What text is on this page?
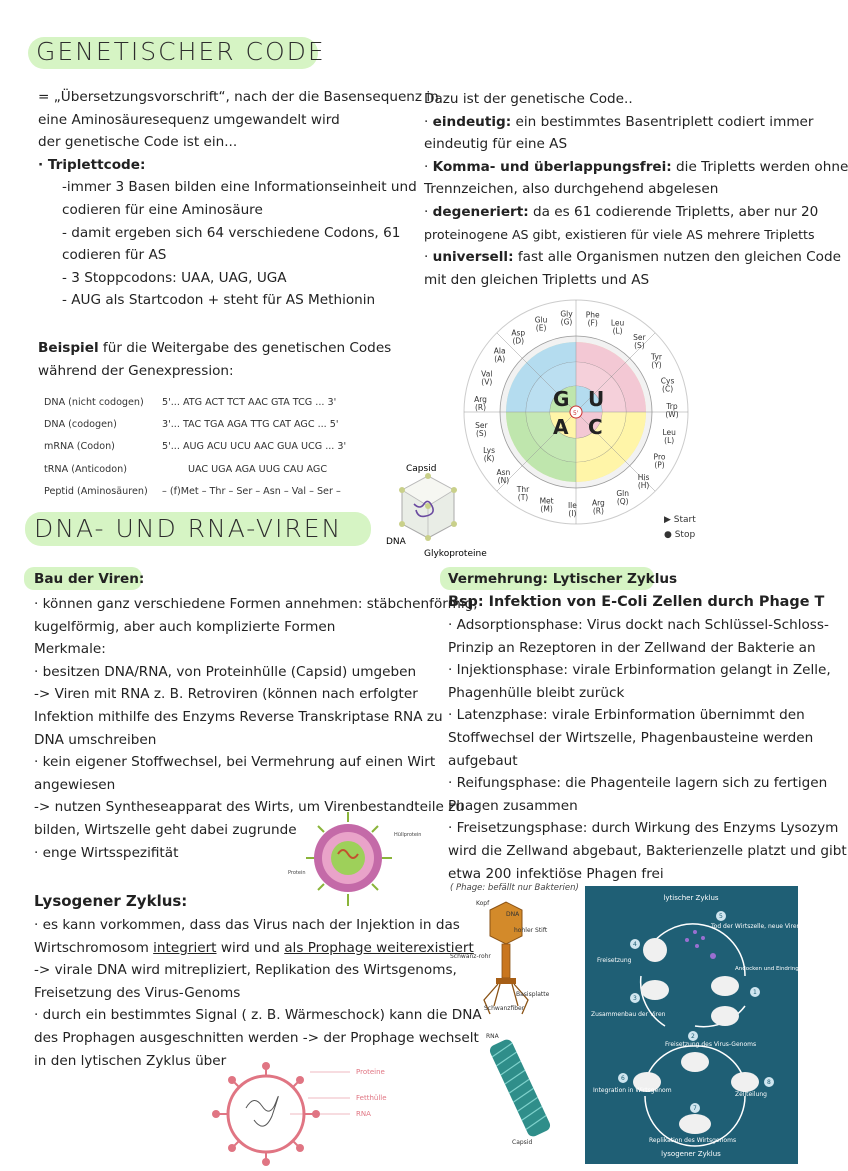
GENETISCHER CODE

= „Übersetzungsvorschrift“, nach der die Basensequenz in

eine Aminosäuresequenz umgewandelt wird

der genetische Code ist ein...

· Triplettcode:

-immer 3 Basen bilden eine Informationseinheit und

codieren für eine Aminosäure

- damit ergeben sich 64 verschiedene Codons, 61

codieren für AS

- 3 Stoppcodons: UAA, UAG, UGA

- AUG als Startcodon + steht für AS Methionin

Dazu ist der genetische Code..

· eindeutig: ein bestimmtes Basentriplett codiert immer

eindeutig für eine AS

· Komma- und überlappungsfrei: die Tripletts werden ohne

Trennzeichen, also durchgehend abgelesen

· degeneriert: da es 61 codierende Tripletts, aber nur 20

proteinogene AS gibt, existieren für viele AS mehrere Tripletts

· universell: fast alle Organismen nutzen den gleichen Code

mit den gleichen Tripletts und AS

Beispiel für die Weitergabe des genetischen Codes

während der Genexpression:

DNA (nicht codogen)	5'... ATG ACT TCT AAC GTA TCG ... 3'
DNA (codogen)	3'... TAC TGA AGA TTG CAT AGC ... 5'
mRNA (Codon)	5'... AUG ACU UCU AAC GUA UCG ... 3'
tRNA (Anticodon)	UAC UGA AGA UUG CAU AGC
Peptid (Aminosäuren)	– (f)Met – Thr – Ser – Asn – Val – Ser –
Capsid
DNA
Glykoproteine
5'
U
C
A
G
Phe (F) Leu (L)
Ser (S)
Tyr (Y)
Cys (C)
Trp (W)
Leu (L)
Pro (P)
His (H)
Gln (Q)
Arg (R)
Ile (I)
Met (M)
Thr (T)
Asn (N)
Lys (K)
Ser (S)
Arg (R)
Val (V)
Ala (A)
Asp (D)
Glu (E)
Gly (G)
▶ Start
● Stop
DNA- UND RNA-VIREN
Bau der Viren:

· können ganz verschiedene Formen annehmen: stäbchenförmig,

kugelförmig, aber auch komplizierte Formen

Merkmale:

· besitzen DNA/RNA, von Proteinhülle (Capsid) umgeben

-> Viren mit RNA z. B. Retroviren (können nach erfolgter

Infektion mithilfe des Enzyms Reverse Transkriptase RNA zu

DNA umschreiben

· kein eigener Stoffwechsel, bei Vermehrung auf einen Wirt

angewiesen

-> nutzen Syntheseapparat des Wirts, um Virenbestandteile zu

bilden, Wirtszelle geht dabei zugrunde

· enge Wirtsspezifität

Hüllprotein
Protein
Lysogener Zyklus:

· es kann vorkommen, dass das Virus nach der Injektion in das

Wirtschromosom integriert wird und als Prophage weiterexistiert

-> virale DNA wird mitrepliziert, Replikation des Wirtsgenoms,

Freisetzung des Virus-Genoms

· durch ein bestimmtes Signal ( z. B. Wärmeschock) kann die DNA

des Prophagen ausgeschnitten werden -> der Prophage wechselt

in den lytischen Zyklus über

Proteine
Fetthülle
RNA
Vermehrung: Lytischer Zyklus
Bsp: Infektion von E-Coli Zellen durch Phage T

· Adsorptionsphase: Virus dockt nach Schlüssel-Schloss-

Prinzip an Rezeptoren in der Zellwand der Bakterie an

· Injektionsphase: virale Erbinformation gelangt in Zelle,

Phagenhülle bleibt zurück

· Latenzphase: virale Erbinformation übernimmt den

Stoffwechsel der Wirtszelle, Phagenbausteine werden

aufgebaut

· Reifungsphase: die Phagenteile lagern sich zu fertigen

Phagen zusammen

· Freisetzungsphase: durch Wirkung des Enzyms Lysozym

wird die Zellwand abgebaut, Bakterienzelle platzt und gibt

etwa 200 infektiöse Phagen frei

( Phage: befällt nur Bakterien)
Kopf
DNA
hohler Stift
Schwanz-rohr
Basisplatte
Schwanzfiber
RNA
Capsid
lytischer Zyklus
lysogener Zyklus
Tod der Wirtszelle, neue Viren
Freisetzung
Andocken und Eindringen des Virus
Zusammenbau der Viren
Freisetzung des Virus-Genoms
Integration in Wirtsgenom
Zellteilung
Replikation des Wirtsgenoms
1
2
3
4
5
6
7
8
